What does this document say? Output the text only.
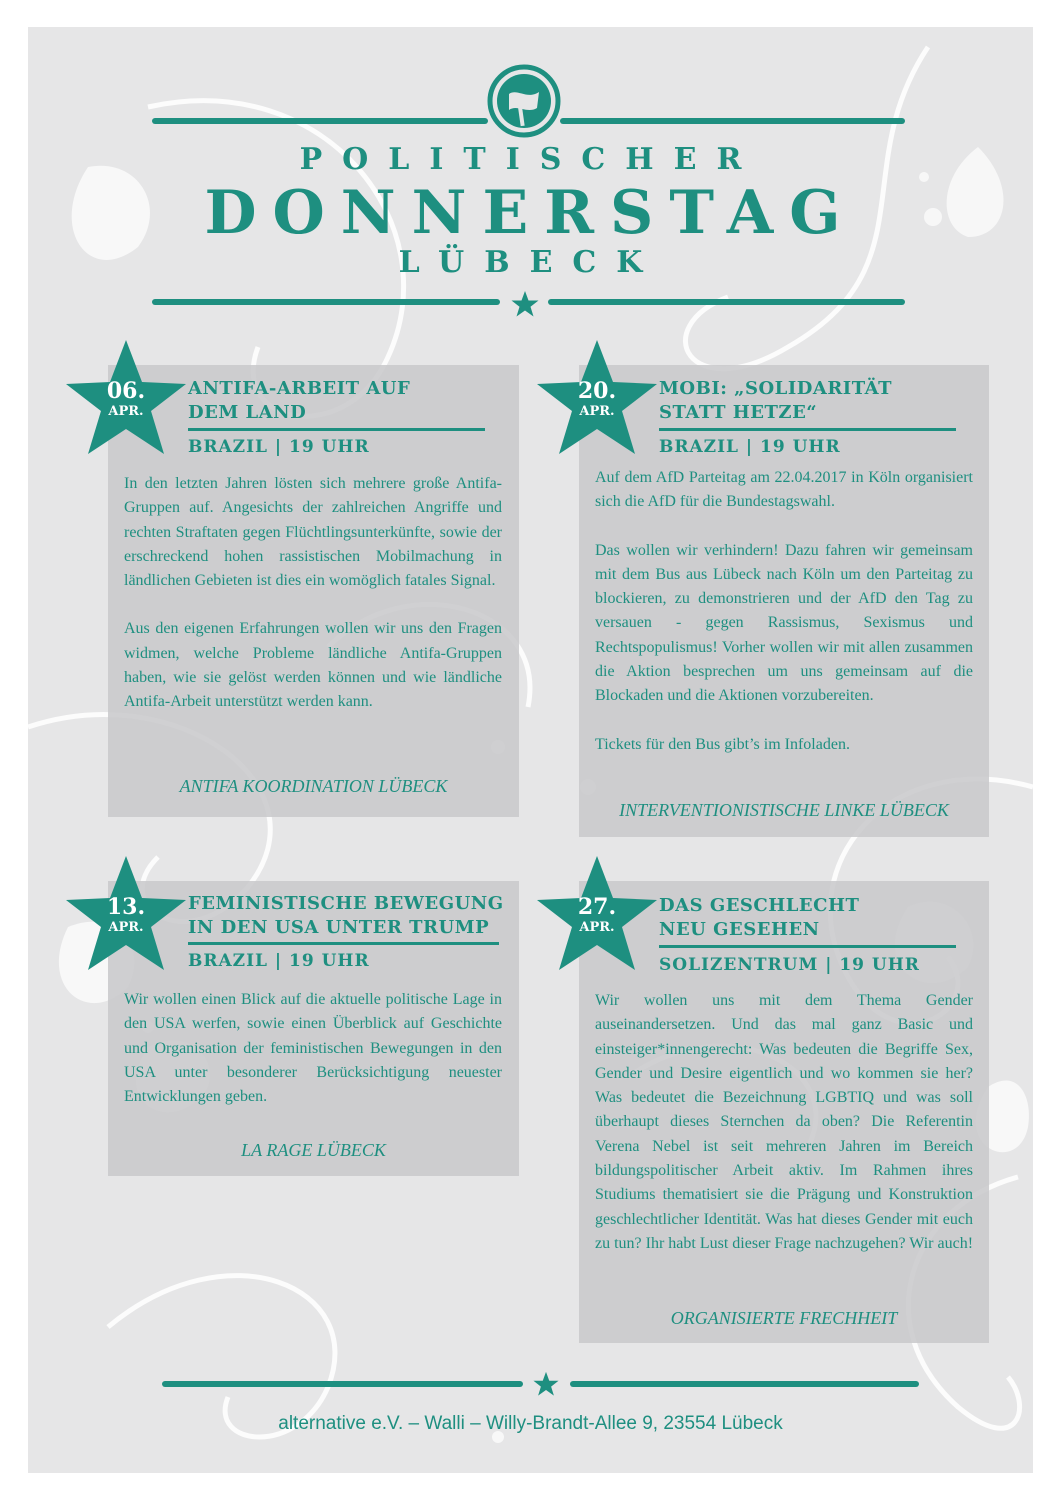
POLITISCHER
DONNERSTAG
LÜBECK
06.
APR.
ANTIFA-ARBEIT AUF
DEM LAND
BRAZIL | 19 UHR

In den letzten Jahren lösten sich mehrere große Antifa-Gruppen auf. Angesichts der zahlreichen Angriffe und rechten Straftaten gegen Flüchtlingsunterkünfte, sowie der erschreckend hohen rassistischen Mobilmachung in ländlichen Gebieten ist dies ein womöglich fatales Signal.

Aus den eigenen Erfahrungen wollen wir uns den Fragen widmen, welche Probleme ländliche Antifa-Gruppen haben, wie sie gelöst werden können und wie ländliche Antifa-Arbeit unterstützt werden kann.

ANTIFA KOORDINATION LÜBECK
20.
APR.
MOBI: „SOLIDARITÄT
STATT HETZE“
BRAZIL | 19 UHR

Auf dem AfD Parteitag am 22.04.2017 in Köln organisiert sich die AfD für die Bundestagswahl.

Das wollen wir verhindern! Dazu fahren wir gemeinsam mit dem Bus aus Lübeck nach Köln um den Parteitag zu blockieren, zu demonstrieren und der AfD den Tag zu versauen - gegen Rassismus, Sexismus und Rechtspopulismus! Vorher wollen wir mit allen zusammen die Aktion besprechen um uns gemeinsam auf die Blockaden und die Aktionen vorzubereiten.

Tickets für den Bus gibt’s im Infoladen.

INTERVENTIONISTISCHE LINKE LÜBECK
13.
APR.
FEMINISTISCHE BEWEGUNG
IN DEN USA UNTER TRUMP
BRAZIL | 19 UHR

Wir wollen einen Blick auf die aktuelle politische Lage in den USA werfen, sowie einen Überblick auf Geschichte und Organisation der feministischen Bewegungen in den USA unter besonderer Berücksichtigung neuester Entwicklungen geben.

LA RAGE LÜBECK
27.
APR.
DAS GESCHLECHT
NEU GESEHEN
SOLIZENTRUM | 19 UHR

Wir wollen uns mit dem Thema Gender auseinandersetzen. Und das mal ganz Basic und einsteiger*innengerecht: Was bedeuten die Begriffe Sex, Gender und Desire eigentlich und wo kommen sie her? Was bedeutet die Bezeichnung LGBTIQ und was soll überhaupt dieses Sternchen da oben? Die Referentin Verena Nebel ist seit mehreren Jahren im Bereich bildungspolitischer Arbeit aktiv. Im Rahmen ihres Studiums thematisiert sie die Prägung und Konstruktion geschlechtlicher Identität. Was hat dieses Gender mit euch zu tun? Ihr habt Lust dieser Frage nachzugehen? Wir auch!

ORGANISIERTE FRECHHEIT
alternative e.V. – Walli – Willy-Brandt-Allee 9, 23554 Lübeck
